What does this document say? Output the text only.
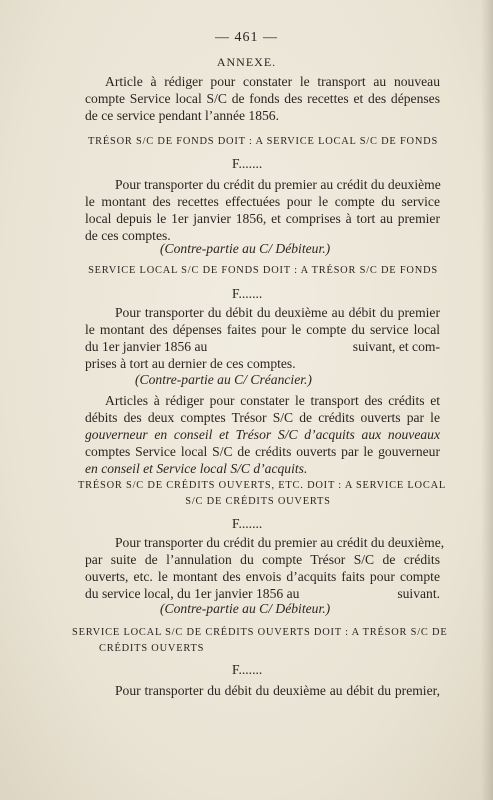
— 461 —
ANNEXE.
Article à rédiger pour constater le transport au nouveau
compte Service local S/C de fonds des recettes et des dépenses
de ce service pendant l’année 1856.
TRÉSOR S/C DE FONDS DOIT : A SERVICE LOCAL S/C DE FONDS
F.......
Pour transporter du crédit du premier au crédit du deuxième
le montant des recettes effectuées pour le compte du service
local depuis le 1er janvier 1856, et comprises à tort au premier
de ces comptes.
(Contre-partie au C/ Débiteur.)
SERVICE LOCAL S/C DE FONDS DOIT : A TRÉSOR S/C DE FONDS
F.......
Pour transporter du débit du deuxième au débit du premier
le montant des dépenses faites pour le compte du service local
du 1er janvier 1856 au	suivant, et com-
prises à tort au dernier de ces comptes.
(Contre-partie au C/ Créancier.)
Articles à rédiger pour constater le transport des crédits et
débits des deux comptes Trésor S/C de crédits ouverts par le
gouverneur en conseil et Trésor S/C d’acquits aux nouveaux
comptes Service local S/C de crédits ouverts par le gouverneur
en conseil et Service local S/C d’acquits.
TRÉSOR S/C DE CRÉDITS OUVERTS, ETC. DOIT : A SERVICE LOCAL
S/C DE CRÉDITS OUVERTS
F.......
Pour transporter du crédit du premier au crédit du deuxième,
par suite de l’annulation du compte Trésor S/C de crédits
ouverts, etc. le montant des envois d’acquits faits pour compte
du service local, du 1er janvier 1856 au	suivant.
(Contre-partie au C/ Débiteur.)
SERVICE LOCAL S/C DE CRÉDITS OUVERTS DOIT : A TRÉSOR S/C DE
CRÉDITS OUVERTS
F.......
Pour transporter du débit du deuxième au débit du premier,
